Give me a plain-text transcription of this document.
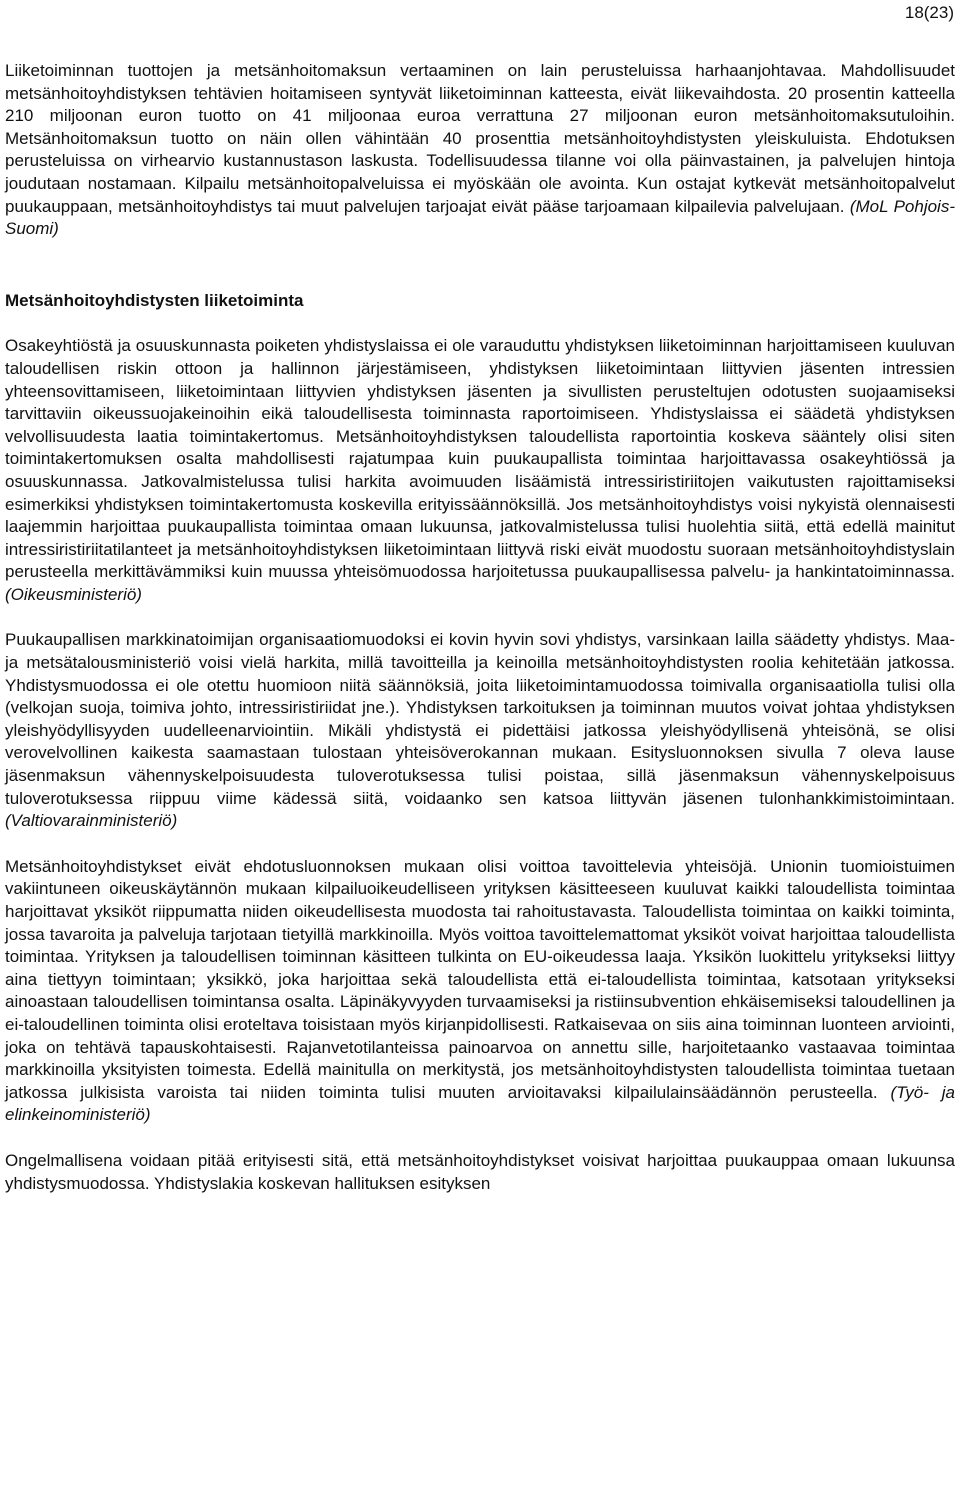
18(23)

Liiketoiminnan tuottojen ja metsänhoitomaksun vertaaminen on lain perusteluissa harhaanjohtavaa. Mahdollisuudet metsänhoitoyhdistyksen tehtävien hoitamiseen syntyvät liiketoiminnan katteesta, eivät liikevaihdosta. 20 prosentin katteella 210 miljoonan euron tuotto on 41 miljoonaa euroa verrattuna 27 miljoonan euron metsänhoitomaksutuloihin. Metsänhoitomaksun tuotto on näin ollen vähintään 40 prosenttia metsänhoitoyhdistysten yleiskuluista. Ehdotuksen perusteluissa on virhearvio kustannustason laskusta. Todellisuudessa tilanne voi olla päinvastainen, ja palvelujen hintoja joudutaan nostamaan. Kilpailu metsänhoitopalveluissa ei myöskään ole avointa. Kun ostajat kytkevät metsänhoitopalvelut puukauppaan, metsänhoitoyhdistys tai muut palvelujen tarjoajat eivät pääse tarjoamaan kilpailevia palvelujaan. (MoL Pohjois-Suomi)

Metsänhoitoyhdistysten liiketoiminta

Osakeyhtiöstä ja osuuskunnasta poiketen yhdistyslaissa ei ole varauduttu yhdistyksen liiketoiminnan harjoittamiseen kuuluvan taloudellisen riskin ottoon ja hallinnon järjestämiseen, yhdistyksen liiketoimintaan liittyvien jäsenten intressien yhteensovittamiseen, liiketoimintaan liittyvien yhdistyksen jäsenten ja sivullisten perusteltujen odotusten suojaamiseksi tarvittaviin oikeussuojakeinoihin eikä taloudellisesta toiminnasta raportoimiseen. Yhdistyslaissa ei säädetä yhdistyksen velvollisuudesta laatia toimintakertomus. Metsänhoitoyhdistyksen taloudellista raportointia koskeva sääntely olisi siten toimintakertomuksen osalta mahdollisesti rajatumpaa kuin puukaupallista toimintaa harjoittavassa osakeyhtiössä ja osuuskunnassa. Jatkovalmistelussa tulisi harkita avoimuuden lisäämistä intressiristiriitojen vaikutusten rajoittamiseksi esimerkiksi yhdistyksen toimintakertomusta koskevilla erityissäännöksillä. Jos metsänhoitoyhdistys voisi nykyistä olennaisesti laajemmin harjoittaa puukaupallista toimintaa omaan lukuunsa, jatkovalmistelussa tulisi huolehtia siitä, että edellä mainitut intressiristiriitatilanteet ja metsänhoitoyhdistyksen liiketoimintaan liittyvä riski eivät muodostu suoraan metsänhoitoyhdistyslain perusteella merkittävämmiksi kuin muussa yhteisömuodossa harjoitetussa puukaupallisessa palvelu- ja hankintatoiminnassa. (Oikeusministeriö)

Puukaupallisen markkinatoimijan organisaatiomuodoksi ei kovin hyvin sovi yhdistys, varsinkaan lailla säädetty yhdistys. Maa- ja metsätalousministeriö voisi vielä harkita, millä tavoitteilla ja keinoilla metsänhoitoyhdistysten roolia kehitetään jatkossa. Yhdistysmuodossa ei ole otettu huomioon niitä säännöksiä, joita liiketoimintamuodossa toimivalla organisaatiolla tulisi olla (velkojan suoja, toimiva johto, intressiristiriidat jne.). Yhdistyksen tarkoituksen ja toiminnan muutos voivat johtaa yhdistyksen yleishyödyllisyyden uudelleenarviointiin. Mikäli yhdistystä ei pidettäisi jatkossa yleishyödyllisenä yhteisönä, se olisi verovelvollinen kaikesta saamastaan tulostaan yhteisöverokannan mukaan. Esitysluonnoksen sivulla 7 oleva lause jäsenmaksun vähennyskelpoisuudesta tuloverotuksessa tulisi poistaa, sillä jäsenmaksun vähennyskelpoisuus tuloverotuksessa riippuu viime kädessä siitä, voidaanko sen katsoa liittyvän jäsenen tulonhankkimistoimintaan. (Valtiovarainministeriö)

Metsänhoitoyhdistykset eivät ehdotusluonnoksen mukaan olisi voittoa tavoittelevia yhteisöjä. Unionin tuomioistuimen vakiintuneen oikeuskäytännön mukaan kilpailuoikeudelliseen yrityksen käsitteeseen kuuluvat kaikki taloudellista toimintaa harjoittavat yksiköt riippumatta niiden oikeudellisesta muodosta tai rahoitustavasta. Taloudellista toimintaa on kaikki toiminta, jossa tavaroita ja palveluja tarjotaan tietyillä markkinoilla. Myös voittoa tavoittelemattomat yksiköt voivat harjoittaa taloudellista toimintaa. Yrityksen ja taloudellisen toiminnan käsitteen tulkinta on EU-oikeudessa laaja. Yksikön luokittelu yritykseksi liittyy aina tiettyyn toimintaan; yksikkö, joka harjoittaa sekä taloudellista että ei-taloudellista toimintaa, katsotaan yritykseksi ainoastaan taloudellisen toimintansa osalta. Läpinäkyvyyden turvaamiseksi ja ristiinsubvention ehkäisemiseksi taloudellinen ja ei-taloudellinen toiminta olisi eroteltava toisistaan myös kirjanpidollisesti. Ratkaisevaa on siis aina toiminnan luonteen arviointi, joka on tehtävä tapauskohtaisesti. Rajanvetotilanteissa painoarvoa on annettu sille, harjoitetaanko vastaavaa toimintaa markkinoilla yksityisten toimesta. Edellä mainitulla on merkitystä, jos metsänhoitoyhdistysten taloudellista toimintaa tuetaan jatkossa julkisista varoista tai niiden toiminta tulisi muuten arvioitavaksi kilpailulainsäädännön perusteella. (Työ- ja elinkeinoministeriö)

Ongelmallisena voidaan pitää erityisesti sitä, että metsänhoitoyhdistykset voisivat harjoittaa puukauppaa omaan lukuunsa yhdistysmuodossa. Yhdistyslakia koskevan hallituksen esityksen
